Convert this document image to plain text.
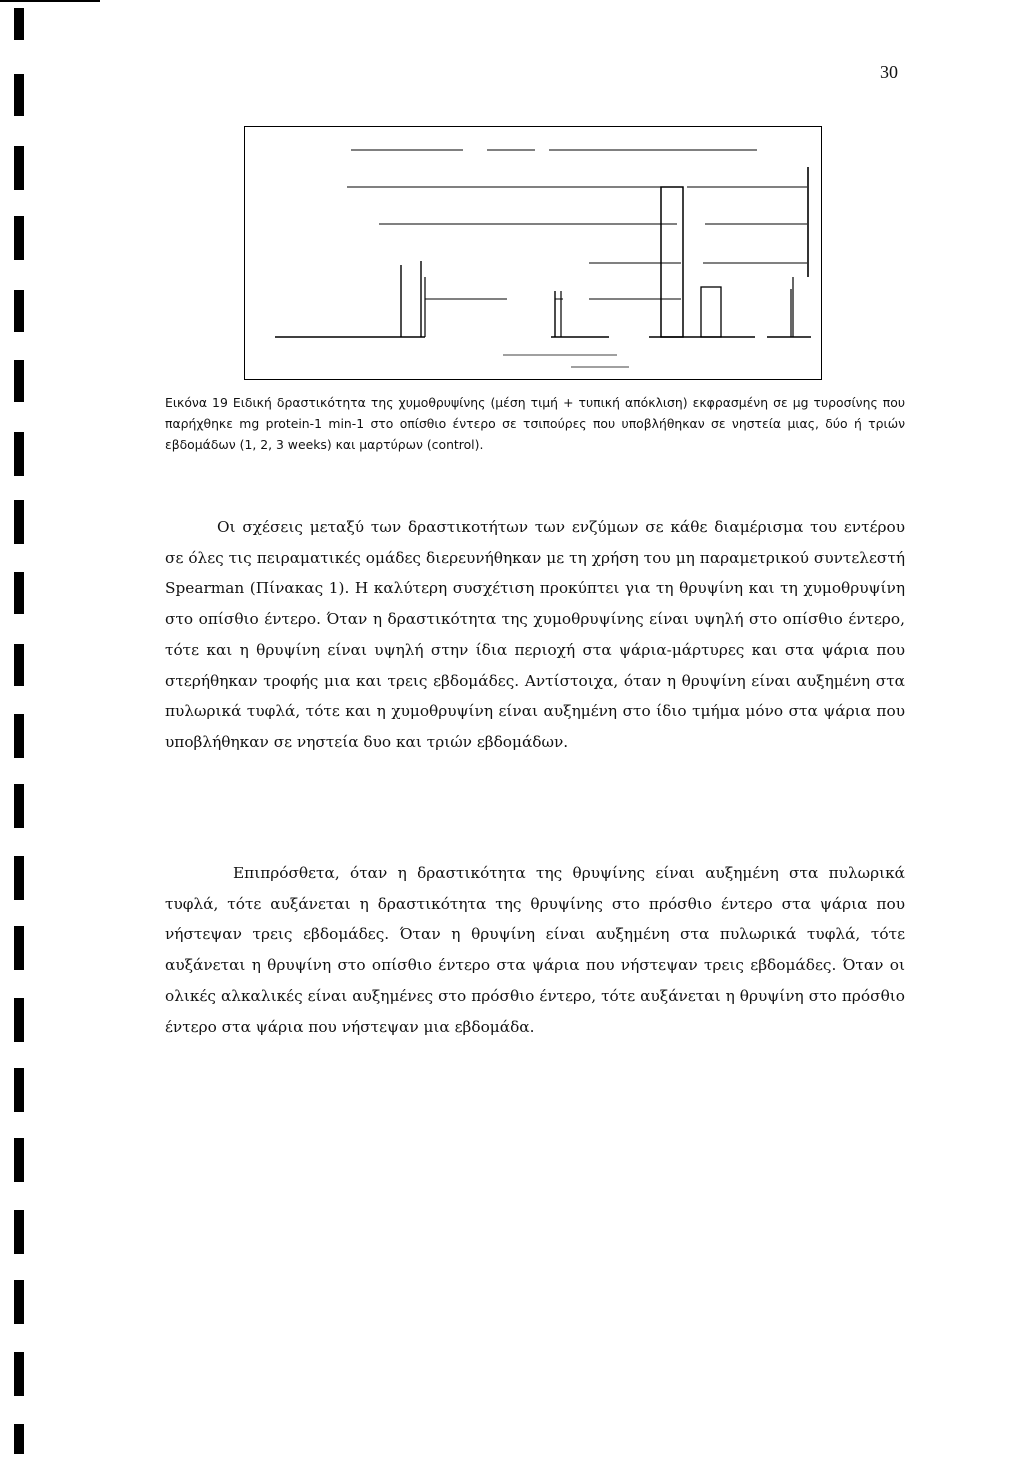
30
Εικόνα 19 Ειδική δραστικότητα της χυμοθρυψίνης (μέση τιμή + τυπική απόκλιση) εκφρασμένη σε μg τυροσίνης που παρήχθηκε mg protein-1 min-1 στο οπίσθιο έντερο σε τσιπούρες που υποβλήθηκαν σε νηστεία μιας, δύο ή τριών εβδομάδων (1, 2, 3 weeks) και μαρτύρων (control).

Οι σχέσεις μεταξύ των δραστικοτήτων των ενζύμων σε κάθε διαμέρισμα του εντέρου σε όλες τις πειραματικές ομάδες διερευνήθηκαν με τη χρήση του μη παραμετρικού συντελεστή Spearman (Πίνακας 1). Η καλύτερη συσχέτιση προκύπτει για τη θρυψίνη και τη χυμοθρυψίνη στο οπίσθιο έντερο. Όταν η δραστικότητα της χυμοθρυψίνης είναι υψηλή στο οπίσθιο έντερο, τότε και η θρυψίνη είναι υψηλή στην ίδια περιοχή στα ψάρια-μάρτυρες και στα ψάρια που στερήθηκαν τροφής μια και τρεις εβδομάδες. Αντίστοιχα, όταν η θρυψίνη είναι αυξημένη στα πυλωρικά τυφλά, τότε και η χυμοθρυψίνη είναι αυξημένη στο ίδιο τμήμα μόνο στα ψάρια που υποβλήθηκαν σε νηστεία δυο και τριών εβδομάδων.

Επιπρόσθετα, όταν η δραστικότητα της θρυψίνης είναι αυξημένη στα πυλωρικά τυφλά, τότε αυξάνεται η δραστικότητα της θρυψίνης στο πρόσθιο έντερο στα ψάρια που νήστεψαν τρεις εβδομάδες. Όταν η θρυψίνη είναι αυξημένη στα πυλωρικά τυφλά, τότε αυξάνεται η θρυψίνη στο οπίσθιο έντερο στα ψάρια που νήστεψαν τρεις εβδομάδες. Όταν οι ολικές αλκαλικές είναι αυξημένες στο πρόσθιο έντερο, τότε αυξάνεται η θρυψίνη στο πρόσθιο έντερο στα ψάρια που νήστεψαν μια εβδομάδα.
